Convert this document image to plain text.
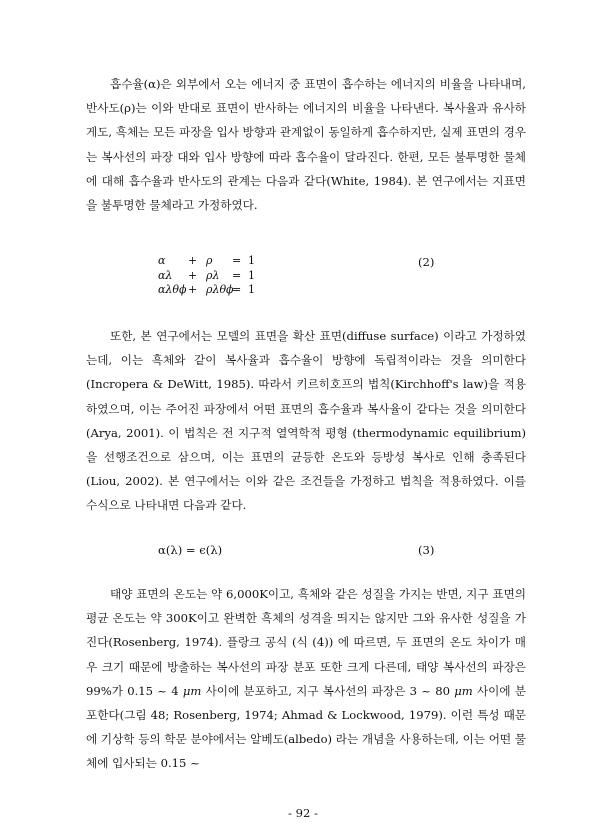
흡수율(α)은 외부에서 오는 에너지 중 표면이 흡수하는 에너지의 비율을 나타내며, 반사도(ρ)는 이와 반대로 표면이 반사하는 에너지의 비율을 나타낸다. 복사율과 유사하게도, 흑체는 모든 파장을 입사 방향과 관계없이 동일하게 흡수하지만, 실제 표면의 경우는 복사선의 파장 대와 입사 방향에 따라 흡수율이 달라진다. 한편, 모든 불투명한 물체에 대해 흡수율과 반사도의 관계는 다음과 같다(White, 1984). 본 연구에서는 지표면을 불투명한 물체라고 가정하였다.

α + ρ = 1
αλ + ρλ = 1
αλθϕ+ ρλθϕ= 1
(2)

또한, 본 연구에서는 모델의 표면을 확산 표면(diffuse surface) 이라고 가정하였는데, 이는 흑체와 같이 복사율과 흡수율이 방향에 독립적이라는 것을 의미한다(Incropera & DeWitt, 1985). 따라서 키르히호프의 법칙(Kirchhoff's law)을 적용하였으며, 이는 주어진 파장에서 어떤 표면의 흡수율과 복사율이 같다는 것을 의미한다(Arya, 2001). 이 법칙은 전 지구적 열역학적 평형 (thermodynamic equilibrium)을 선행조건으로 삼으며, 이는 표면의 균등한 온도와 등방성 복사로 인해 충족된다(Liou, 2002). 본 연구에서는 이와 같은 조건들을 가정하고 법칙을 적용하였다. 이를 수식으로 나타내면 다음과 같다.

α(λ) = ϵ(λ)	(3)

태양 표면의 온도는 약 6,000K이고, 흑체와 같은 성질을 가지는 반면, 지구 표면의 평균 온도는 약 300K이고 완벽한 흑체의 성격을 띄지는 않지만 그와 유사한 성질을 가진다(Rosenberg, 1974). 플랑크 공식 (식 (4)) 에 따르면, 두 표면의 온도 차이가 매우 크기 때문에 방출하는 복사선의 파장 분포 또한 크게 다른데, 태양 복사선의 파장은 99%가 0.15 ~ 4 μm 사이에 분포하고, 지구 복사선의 파장은 3 ~ 80 μm 사이에 분포한다(그림 48; Rosenberg, 1974; Ahmad & Lockwood, 1979). 이런 특성 때문에 기상학 등의 학문 분야에서는 알베도(albedo) 라는 개념을 사용하는데, 이는 어떤 물체에 입사되는 0.15 ~

- 92 -
